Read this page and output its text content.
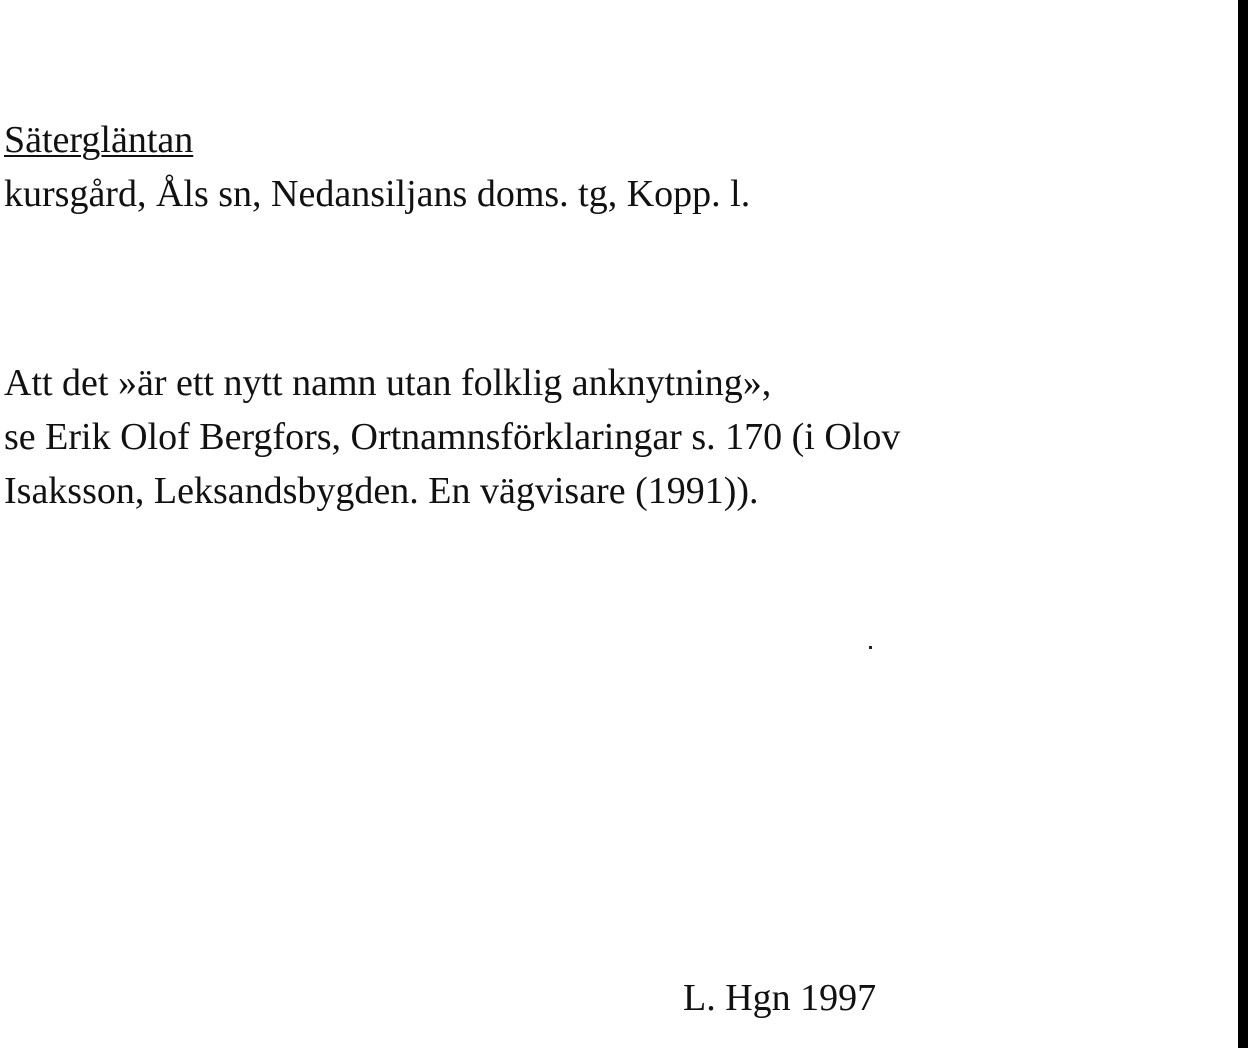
Sätergläntan
kursgård, Åls sn, Nedansiljans doms. tg, Kopp. l.
Att det »är ett nytt namn utan folklig anknytning»,
se Erik Olof Bergfors, Ortnamnsförklaringar s. 170 (i Olov
Isaksson, Leksandsbygden. En vägvisare (1991)).
L. Hgn 1997
